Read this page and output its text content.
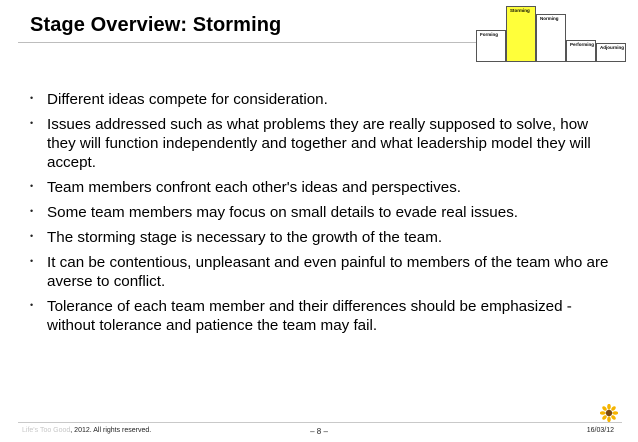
Stage Overview: Storming	Forming
Storming
Norming
Performing
Adjourning
• Different ideas compete for consideration.
• Issues addressed such as what problems they are really supposed to solve, how they will function independently and together and what leadership model they will accept.
• Team members confront each other's ideas and perspectives.
• Some team members may focus on small details to evade real issues.
• The storming stage is necessary to the growth of the team.
• It can be contentious, unpleasant and even painful to members of the team who are averse to conflict.
• Tolerance of each team member and their differences should be emphasized - without tolerance and patience the team may fail.
Life's Too Good, 2012. All rights reserved.	– 8 –	16/03/12
